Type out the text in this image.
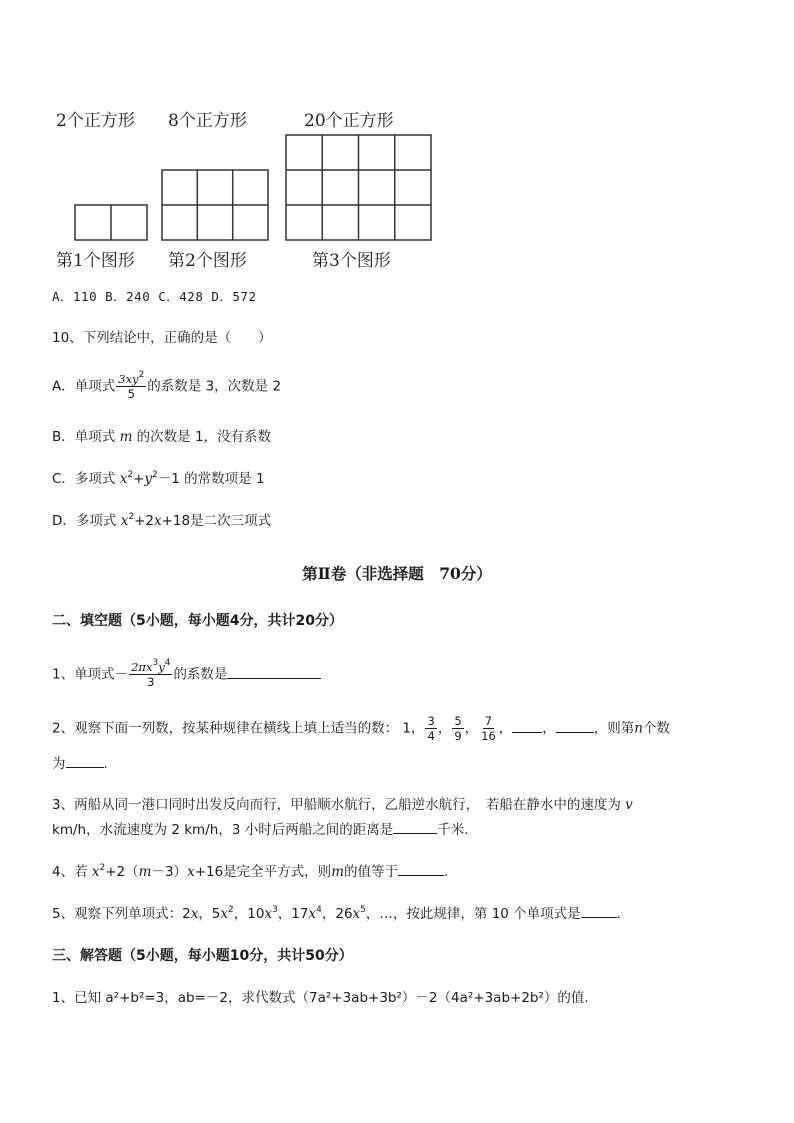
2个正方形 8个正方形	20个正方形
第1个图形 第2个图形	第3个图形
A．110 B．240 C．428 D．572
10、下列结论中，正确的是（　　）
A．单项式 $\frac{3xy^2}{5}$ 的系数是 3，次数是 2
B．单项式 m 的次数是 1，没有系数
C．多项式 $x^2+y^2-1$ 的常数项是 1
D．多项式 $x^2+2x+18$是二次三项式
第Ⅱ卷（非选择题　70分）
二、填空题（5小题，每小题4分，共计20分）
1、单项式－ $\frac{2\pi x^3y^4}{3}$ 的系数是
2、观察下面一列数，按某种规律在横线上填上适当的数： 1， $\frac{3}{4}$ ， $\frac{5}{9}$ ， $\frac{7}{16}$ ， ，	，则第n个数
为	.
3、两船从同一港口同时出发反向而行，甲船顺水航行，乙船逆水航行，　若船在静水中的速度为 v
km/h，水流速度为 2 km/h，3 小时后两船之间的距离是	千米.
4、若 $x^2+2(m-3)x+16$是完全平方式，则m的值等于	.
5、观察下列单项式：2x，$5x^2$，$10x^3$，$17x^4$，$26x^5$，…，按此规律，第 10 个单项式是	.
三、解答题（5小题，每小题10分，共计50分）
1、已知 a²+b²=3，ab=－2，求代数式（7a²+3ab+3b²）－2（4a²+3ab+2b²）的值.
